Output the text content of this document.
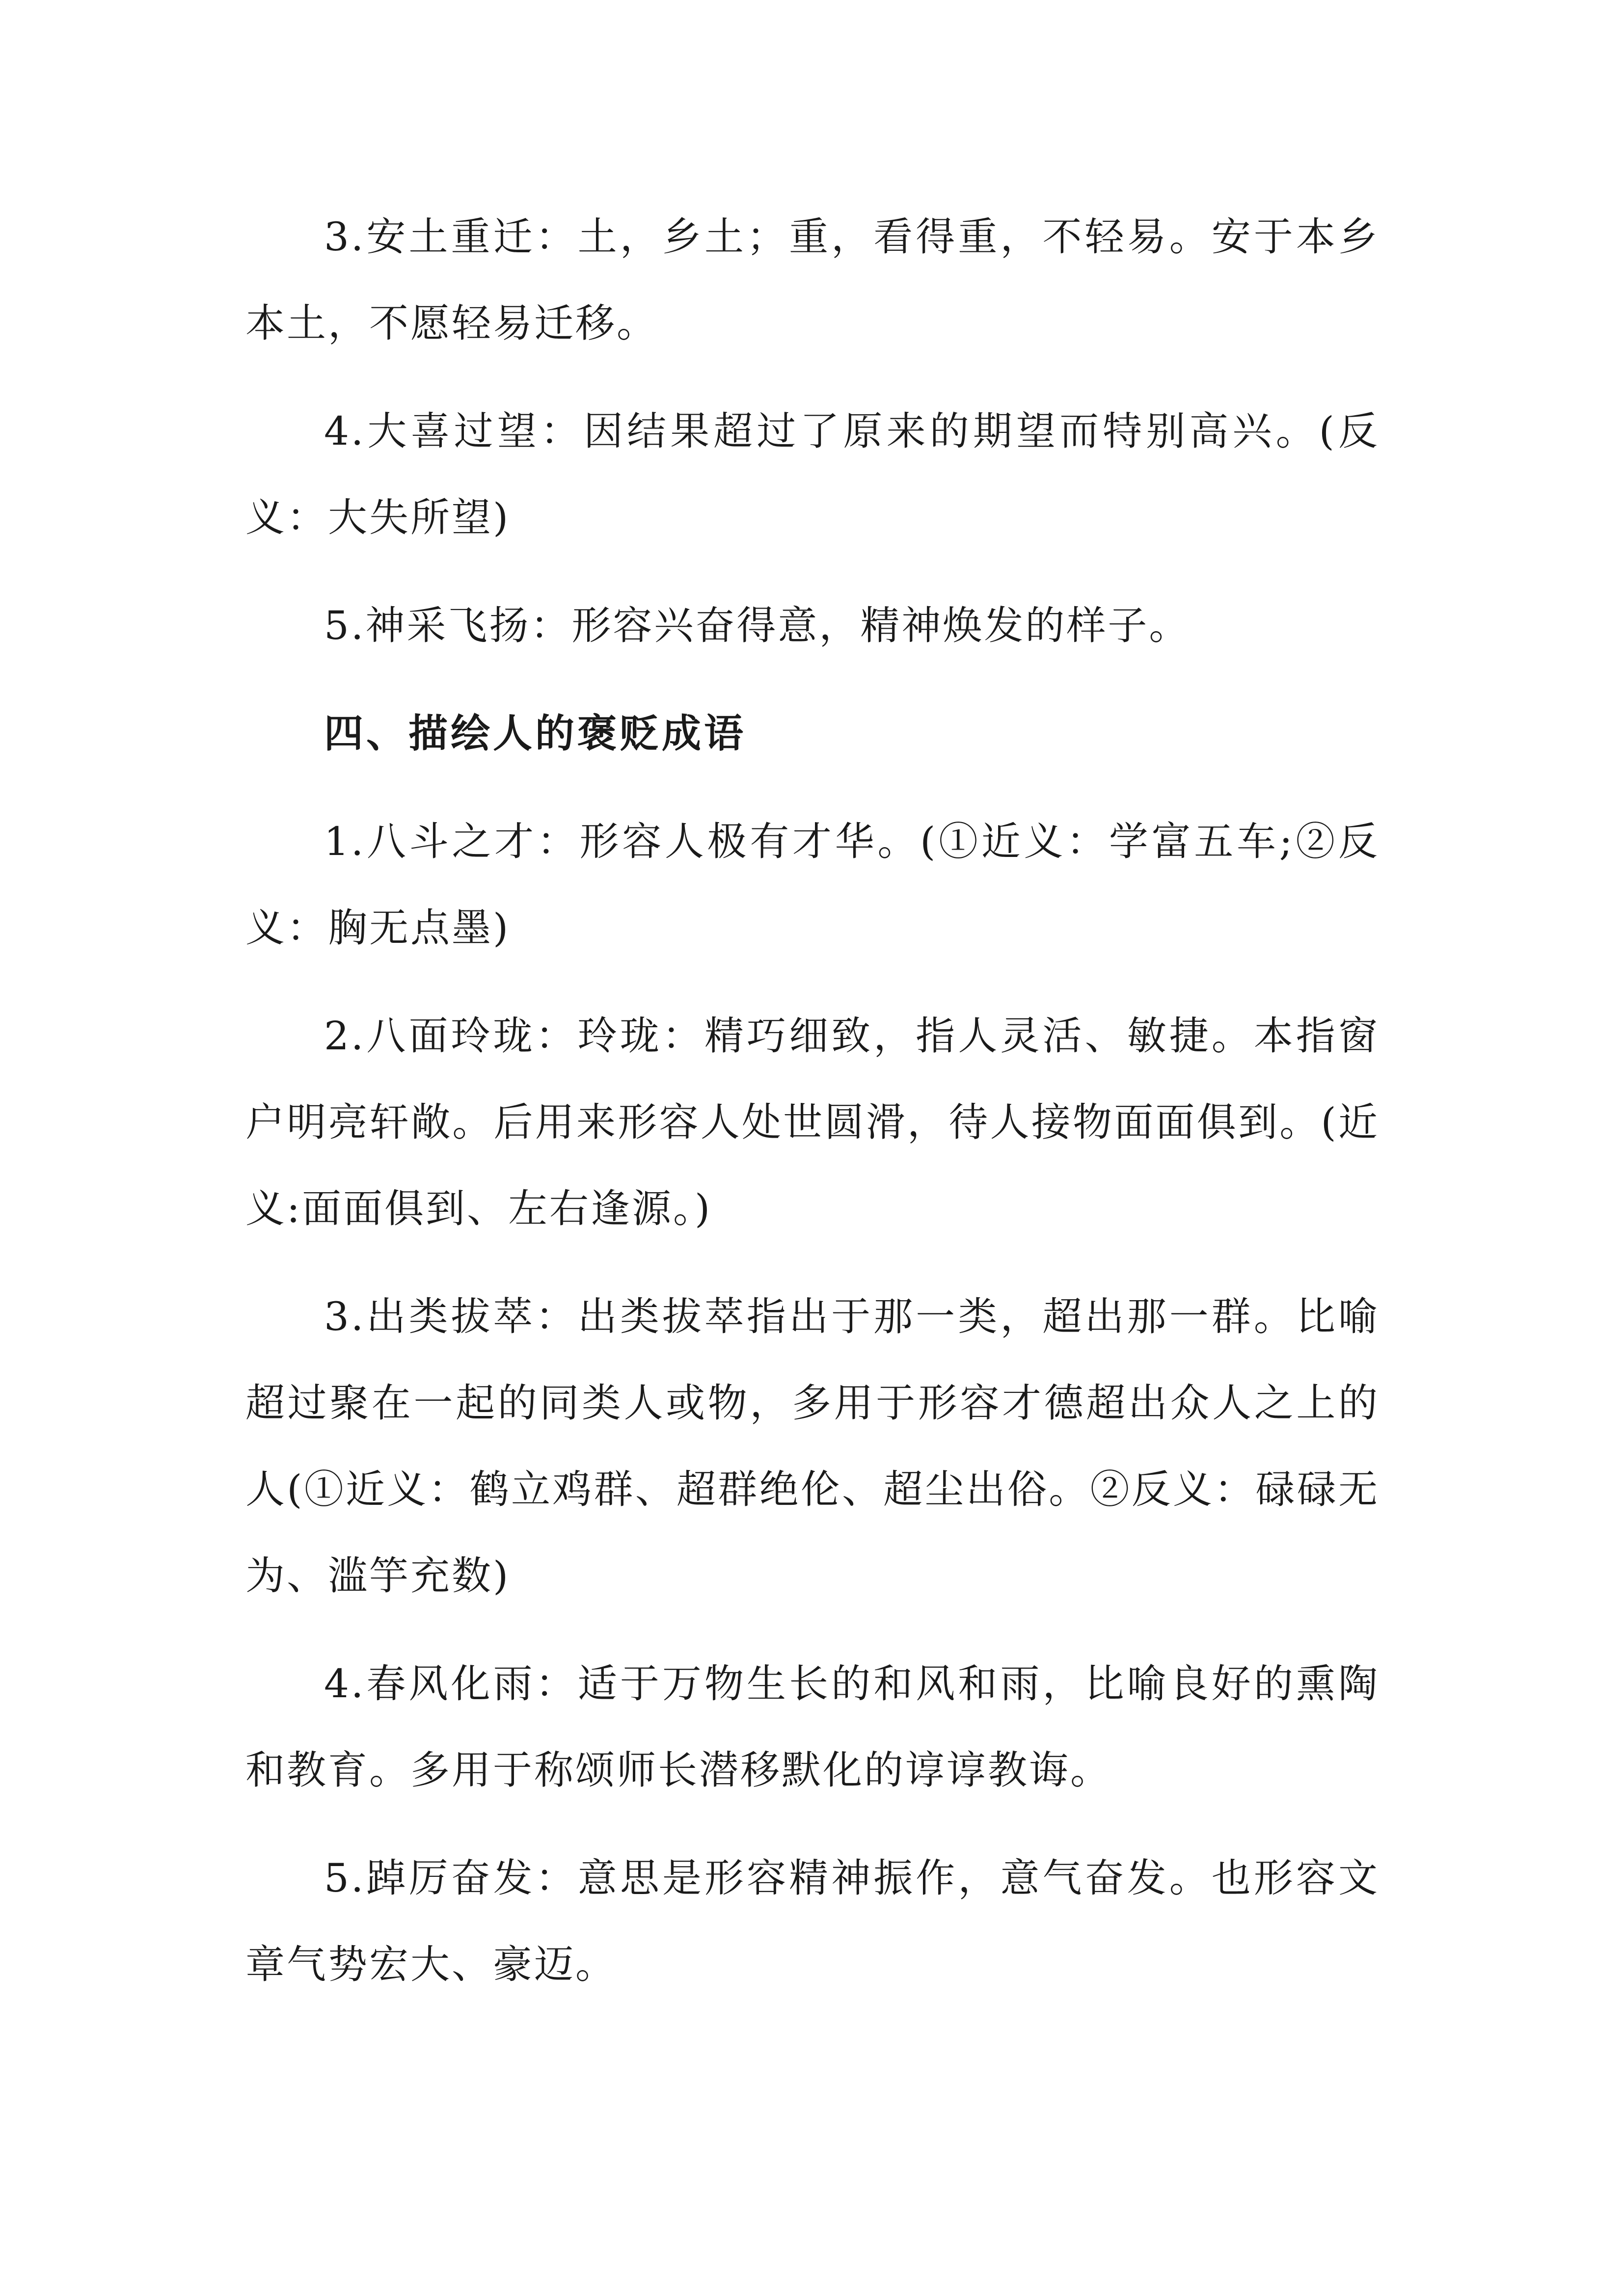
3.安土重迁：土，乡土；重，看得重，不轻易。安于本乡本土，不愿轻易迁移。

4.大喜过望：因结果超过了原来的期望而特别高兴。(反义：大失所望)

5.神采飞扬：形容兴奋得意，精神焕发的样子。

四、描绘人的褒贬成语

1.八斗之才：形容人极有才华。(①近义：学富五车;②反义：胸无点墨)

2.八面玲珑：玲珑：精巧细致，指人灵活、敏捷。本指窗户明亮轩敞。后用来形容人处世圆滑，待人接物面面俱到。(近义:面面俱到、左右逢源。)

3.出类拔萃：出类拔萃指出于那一类，超出那一群。比喻超过聚在一起的同类人或物，多用于形容才德超出众人之上的人(①近义：鹤立鸡群、超群绝伦、超尘出俗。②反义：碌碌无为、滥竽充数)

4.春风化雨：适于万物生长的和风和雨，比喻良好的熏陶和教育。多用于称颂师长潜移默化的谆谆教诲。

5.踔厉奋发：意思是形容精神振作，意气奋发。也形容文章气势宏大、豪迈。
